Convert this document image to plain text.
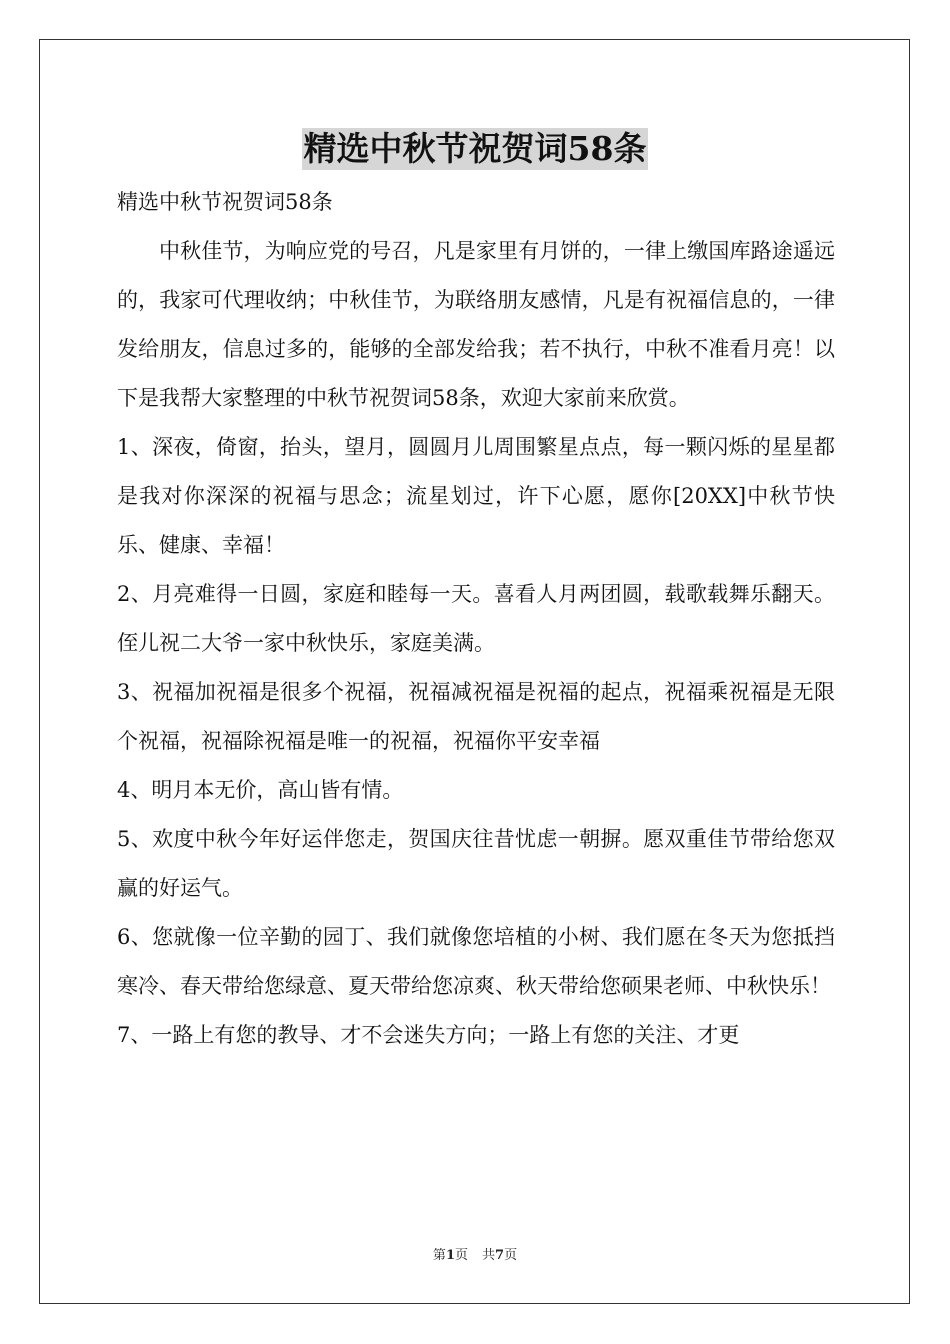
精选中秋节祝贺词58条

精选中秋节祝贺词58条

中秋佳节，为响应党的号召，凡是家里有月饼的，一律上缴国库路途遥远的，我家可代理收纳；中秋佳节，为联络朋友感情，凡是有祝福信息的，一律发给朋友，信息过多的，能够的全部发给我；若不执行，中秋不准看月亮！以下是我帮大家整理的中秋节祝贺词58条，欢迎大家前来欣赏。

1、深夜，倚窗，抬头，望月，圆圆月儿周围繁星点点，每一颗闪烁的星星都是我对你深深的祝福与思念；流星划过，许下心愿，愿你[20XX]中秋节快乐、健康、幸福！

2、月亮难得一日圆，家庭和睦每一天。喜看人月两团圆，载歌载舞乐翻天。侄儿祝二大爷一家中秋快乐，家庭美满。

3、祝福加祝福是很多个祝福，祝福减祝福是祝福的起点，祝福乘祝福是无限个祝福，祝福除祝福是唯一的祝福，祝福你平安幸福

4、明月本无价，高山皆有情。

5、欢度中秋今年好运伴您走，贺国庆往昔忧虑一朝摒。愿双重佳节带给您双赢的好运气。

6、您就像一位辛勤的园丁、我们就像您培植的小树、我们愿在冬天为您抵挡寒冷、春天带给您绿意、夏天带给您凉爽、秋天带给您硕果老师、中秋快乐！

7、一路上有您的教导、才不会迷失方向；一路上有您的关注、才更

第1页 共7页
